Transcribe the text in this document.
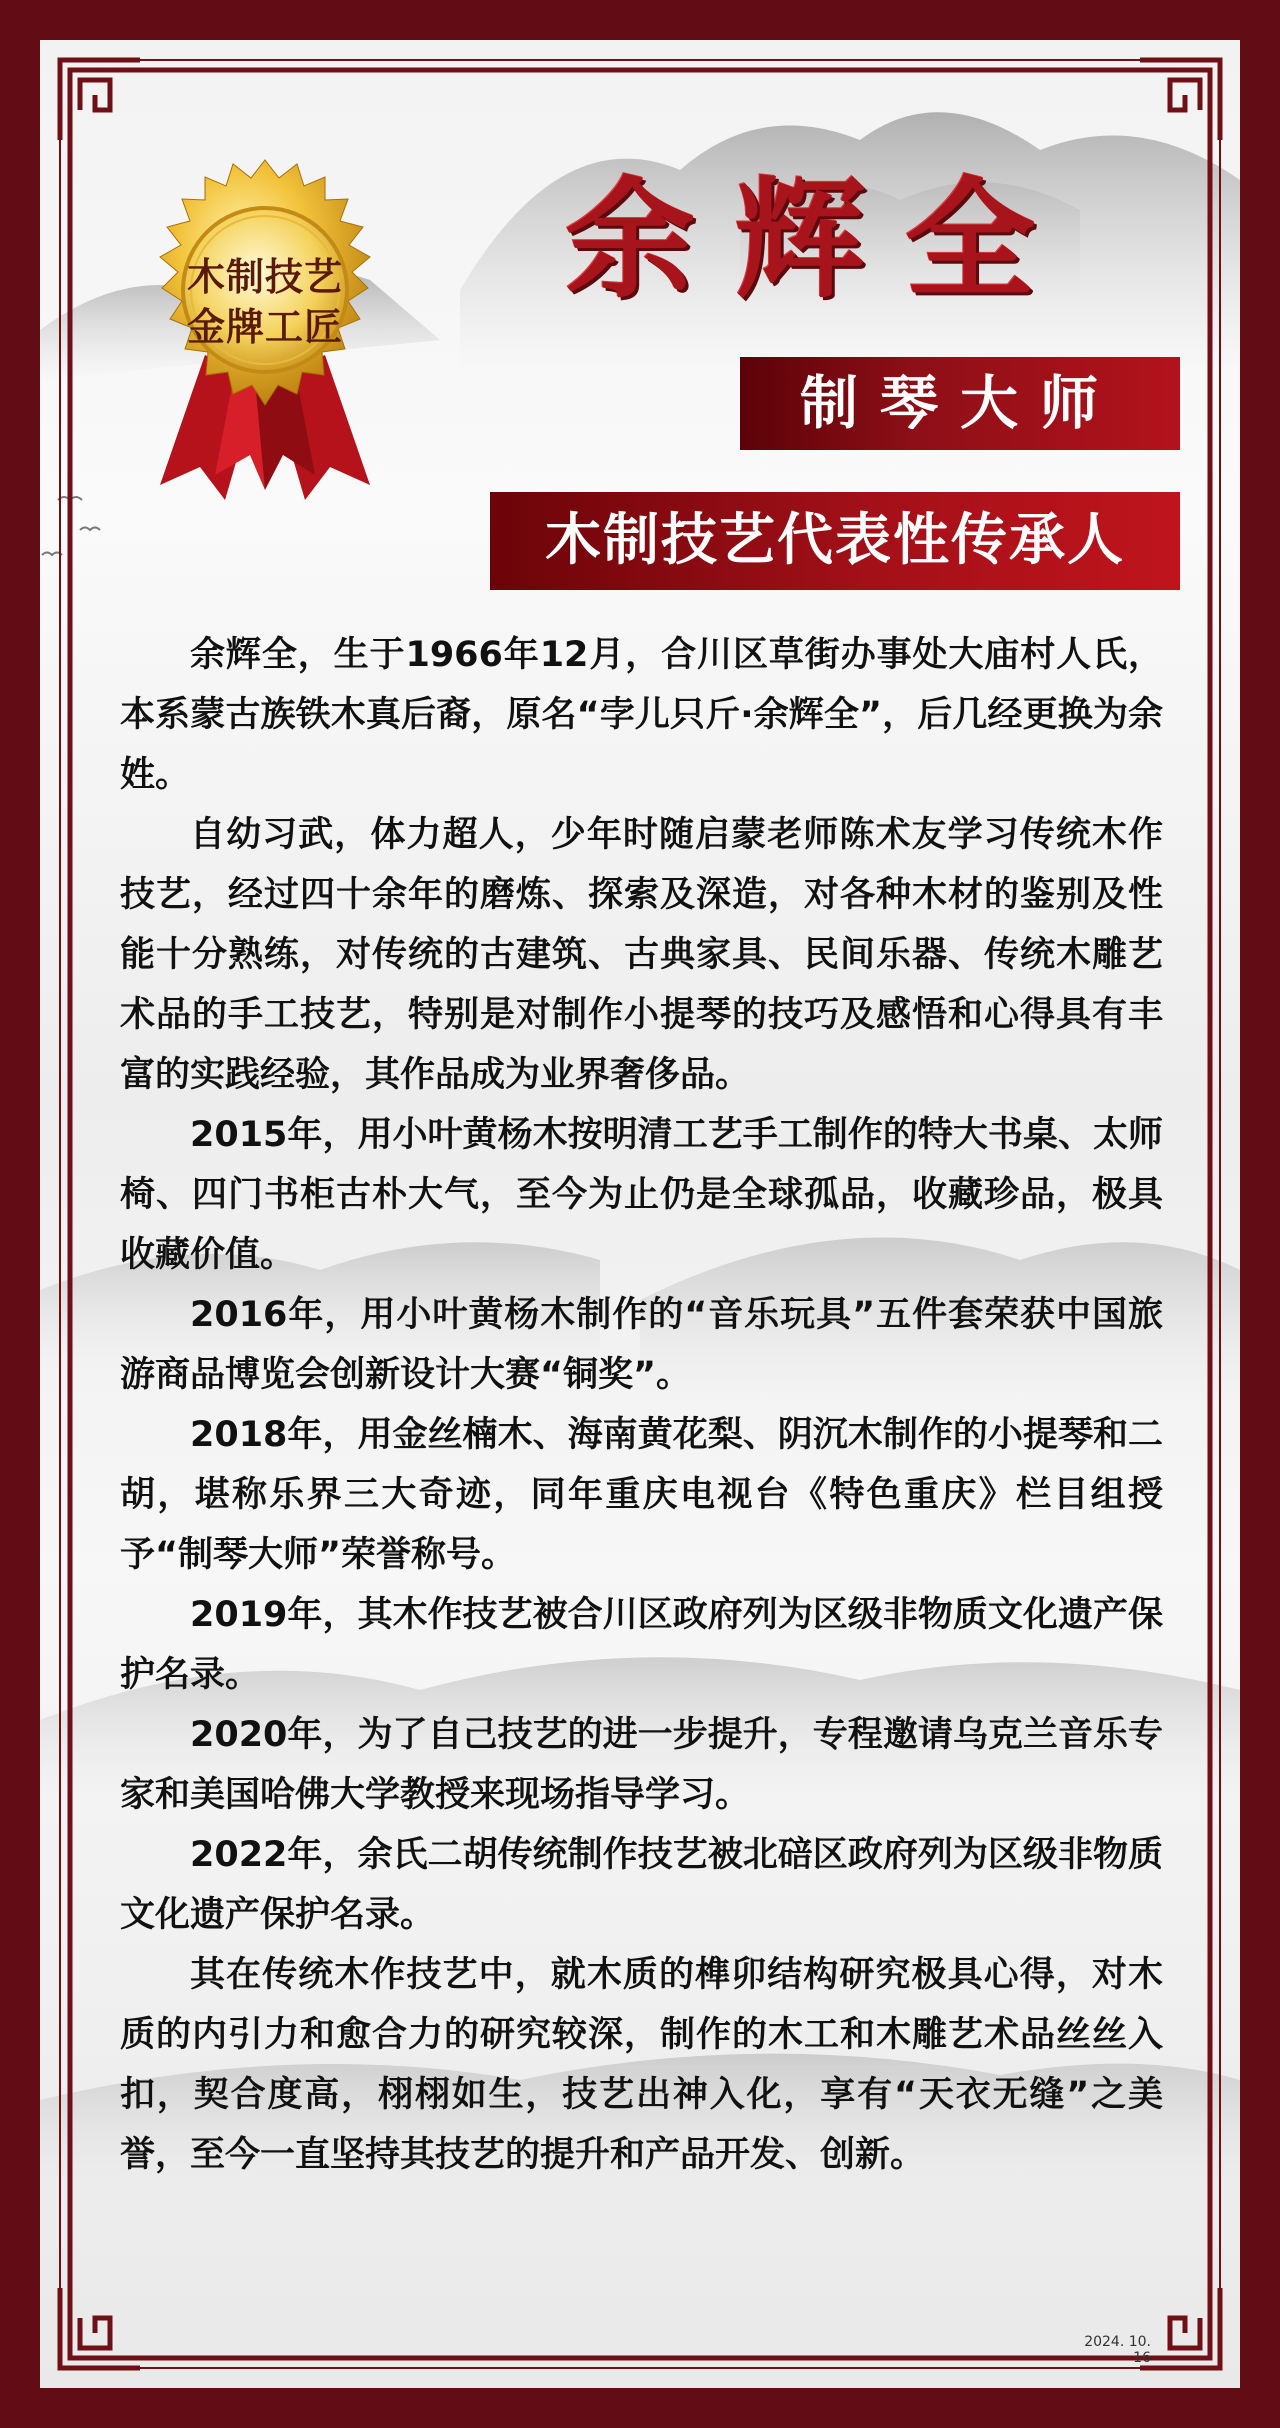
木制技艺
金牌工匠
余辉全
制琴大师
木制技艺代表性传承人

余辉全，生于1966年12月，合川区草街办事处大庙村人氏，本系蒙古族铁木真后裔，原名“孛儿只斤·余辉全”，后几经更换为余姓。

自幼习武，体力超人，少年时随启蒙老师陈术友学习传统木作技艺，经过四十余年的磨炼、探索及深造，对各种木材的鉴别及性能十分熟练，对传统的古建筑、古典家具、民间乐器、传统木雕艺术品的手工技艺，特别是对制作小提琴的技巧及感悟和心得具有丰富的实践经验，其作品成为业界奢侈品。

2015年，用小叶黄杨木按明清工艺手工制作的特大书桌、太师椅、四门书柜古朴大气，至今为止仍是全球孤品，收藏珍品，极具收藏价值。

2016年，用小叶黄杨木制作的“音乐玩具”五件套荣获中国旅游商品博览会创新设计大赛“铜奖”。

2018年，用金丝楠木、海南黄花梨、阴沉木制作的小提琴和二胡，堪称乐界三大奇迹，同年重庆电视台《特色重庆》栏目组授予“制琴大师”荣誉称号。

2019年，其木作技艺被合川区政府列为区级非物质文化遗产保护名录。

2020年，为了自己技艺的进一步提升，专程邀请乌克兰音乐专家和美国哈佛大学教授来现场指导学习。

2022年，余氏二胡传统制作技艺被北碚区政府列为区级非物质文化遗产保护名录。

其在传统木作技艺中，就木质的榫卯结构研究极具心得，对木质的内引力和愈合力的研究较深，制作的木工和木雕艺术品丝丝入扣，契合度高，栩栩如生，技艺出神入化，享有“天衣无缝”之美誉，至今一直坚持其技艺的提升和产品开发、创新。

2024. 10. 16
